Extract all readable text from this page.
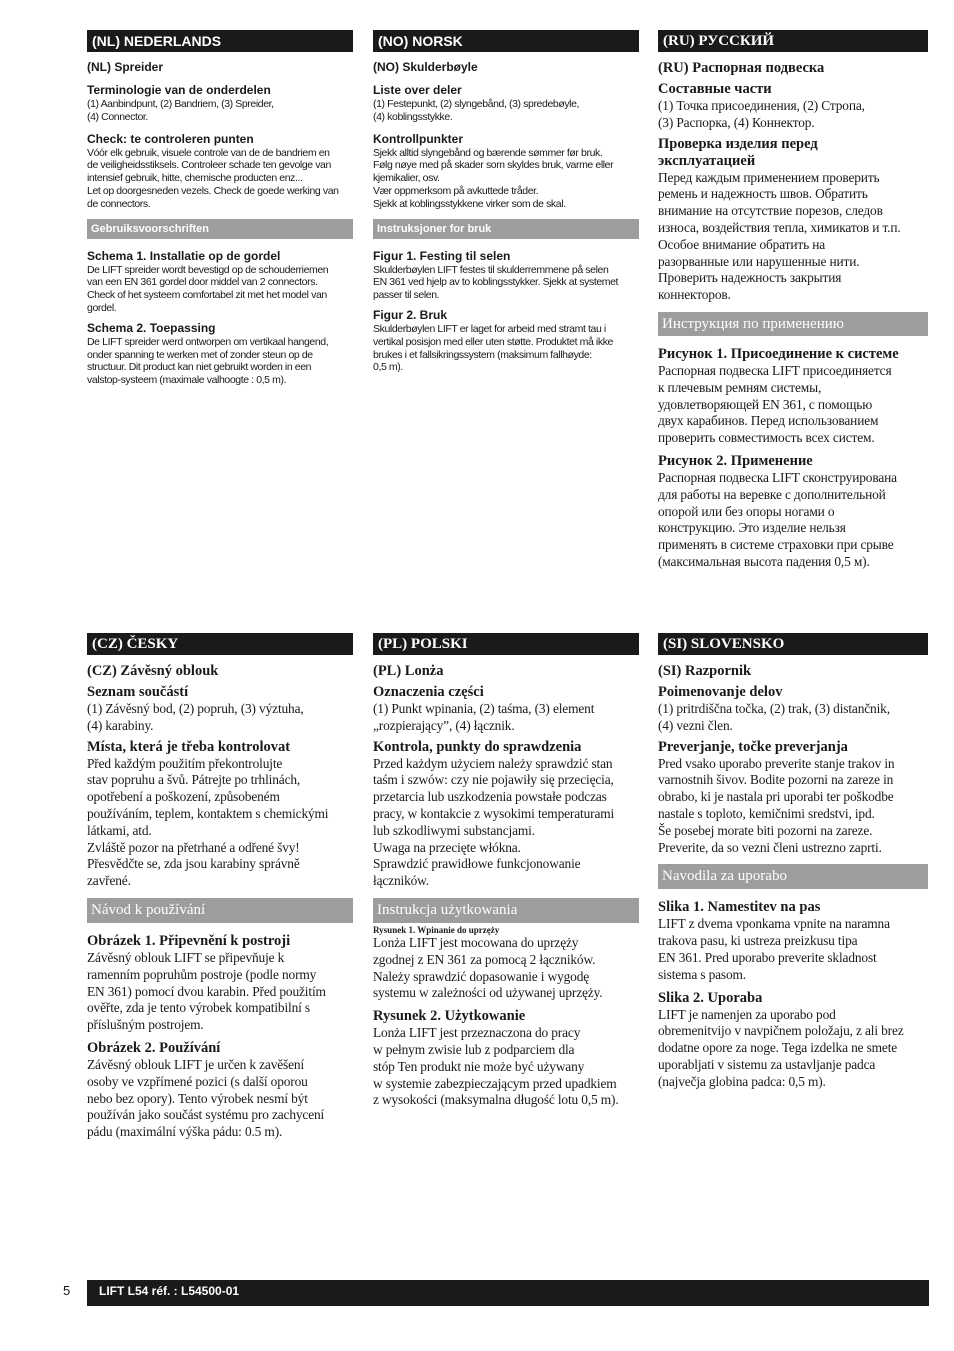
(NL) NEDERLANDS
(NL) Spreider
Terminologie van de onderdelen

(1) Aanbindpunt, (2) Bandriem, (3) Spreider,

(4) Connector.

Check: te controleren punten

Vóór elk gebruik, visuele controle van de de bandriem en

de veiligheidsstiksels. Controleer schade ten gevolge van

intensief gebruik, hitte, chemische producten enz...

Let op doorgesneden vezels. Check de goede werking van

de connectors.

Gebruiksvoorschriften
Schema 1. Installatie op de gordel

De LIFT spreider wordt bevestigd op de schouderriemen

van een EN 361 gordel door middel van 2 connectors.

Check of het systeem comfortabel zit met het model van

gordel.

Schema 2. Toepassing

De LIFT spreider werd ontworpen om vertikaal hangend,

onder spanning te werken met of zonder steun op de

structuur. Dit product kan niet gebruikt worden in een

valstop-systeem (maximale valhoogte : 0,5 m).

(NO) NORSK
(NO) Skulderbøyle
Liste over deler

(1) Festepunkt, (2) slyngebånd, (3) spredebøyle,

(4) koblingsstykke.

Kontrollpunkter

Sjekk alltid slyngebånd og bærende sømmer før bruk.

Følg nøye med på skader som skyldes bruk, varme eller

kjemikalier, osv.

Vær oppmerksom på avkuttede tråder.

Sjekk at koblingsstykkene virker som de skal.

Instruksjoner for bruk
Figur 1. Festing til selen

Skulderbøylen LIFT festes til skulderremmene på selen

EN 361 ved hjelp av to koblingsstykker. Sjekk at systemet

passer til selen.

Figur 2. Bruk

Skulderbøylen LIFT er laget for arbeid med stramt tau i

vertikal posisjon med eller uten støtte. Produktet må ikke

brukes i et fallsikringssystem (maksimum fallhøyde:

0,5 m).

(RU) РУССКИЙ
(RU) Распорная подвеска
Составные части

(1) Точка присоединения, (2) Стропа,

(3) Распорка, (4) Коннектор.

Проверка изделия перед
эксплуатацией

Перед каждым применением проверить

ремень и надежность швов. Обратить

внимание на отсутствие порезов, следов

износа, воздействия тепла, химикатов и т.п.

Особое внимание обратить на

разорванные или нарушенные нити.

Проверить надежность закрытия

коннекторов.

Инструкция по применению
Рисунок 1. Присоединение к системе

Распорная подвеска LIFT присоединяется

к плечевым ремням системы,

удовлетворяющей EN 361, с помощью

двух карабинов. Перед использованием

проверить совместимость всех систем.

Рисунок 2. Применение

Распорная подвеска LIFT сконструирована

для работы на веревке с дополнительной

опорой или без опоры ногами о

конструкцию. Это изделие нельзя

применять в системе страховки при срыве

(максимальная высота падения 0,5 м).

(CZ) ČESKY
(CZ) Závěsný oblouk
Seznam součástí

(1) Závěsný bod, (2) popruh, (3) výztuha,

(4) karabiny.

Místa, která je třeba kontrolovat

Před každým použitím překontrolujte

stav popruhu a švů. Pátrejte po trhlinách,

opotřebení a poškození, způsobeném

používáním, teplem, kontaktem s chemickými

látkami, atd.

Zvláště pozor na přetrhané a odřené švy!

Přesvědčte se, zda jsou karabiny správně

zavřené.

Návod k používání
Obrázek 1. Připevnění k postroji

Závěsný oblouk LIFT se připevňuje k

ramenním popruhům postroje (podle normy

EN 361) pomocí dvou karabin. Před použitím

ověřte, zda je tento výrobek kompatibilní s

příslušným postrojem.

Obrázek 2. Používání

Závěsný oblouk LIFT je určen k zavěšení

osoby ve vzpřímené pozici (s další oporou

nebo bez opory). Tento výrobek nesmí být

používán jako součást systému pro zachycení

pádu (maximální výška pádu: 0.5 m).

(PL) POLSKI
(PL) Lonża
Oznaczenia części

(1) Punkt wpinania, (2) taśma, (3) element

„rozpierający”, (4) łącznik.

Kontrola, punkty do sprawdzenia

Przed każdym użyciem należy sprawdzić stan

taśm i szwów: czy nie pojawiły się przecięcia,

przetarcia lub uszkodzenia powstałe podczas

pracy, w kontakcie z wysokimi temperaturami

lub szkodliwymi substancjami.

Uwaga na przecięte włókna.

Sprawdzić prawidłowe funkcjonowanie

łączników.

Instrukcja użytkowania
Rysunek 1. Wpinanie do uprzęży

Lonża LIFT jest mocowana do uprzęży

zgodnej z EN 361 za pomocą 2 łączników.

Należy sprawdzić dopasowanie i wygodę

systemu w zależności od używanej uprzęży.

Rysunek 2. Użytkowanie

Lonża LIFT jest przeznaczona do pracy

w pełnym zwisie lub z podparciem dla

stóp Ten produkt nie może być używany

w systemie zabezpieczającym przed upadkiem

z wysokości (maksymalna długość lotu 0,5 m).

(SI) SLOVENSKO
(SI) Razpornik
Poimenovanje delov

(1) pritrdiščna točka, (2) trak, (3) distančnik,

(4) vezni člen.

Preverjanje, točke preverjanja

Pred vsako uporabo preverite stanje trakov in

varnostnih šivov. Bodite pozorni na zareze in

obrabo, ki je nastala pri uporabi ter poškodbe

nastale s toploto, kemičnimi sredstvi, ipd.

Še posebej morate biti pozorni na zareze.

Preverite, da so vezni členi ustrezno zaprti.

Navodila za uporabo
Slika 1. Namestitev na pas

LIFT z dvema vponkama vpnite na naramna

trakova pasu, ki ustreza preizkusu tipa

EN 361. Pred uporabo preverite skladnost

sistema s pasom.

Slika 2. Uporaba

LIFT je namenjen za uporabo pod

obremenitvijo v navpičnem položaju, z ali brez

dodatne opore za noge. Tega izdelka ne smete

uporabljati v sistemu za ustavljanje padca

(največja globina padca: 0,5 m).

5	LIFT L54 réf. : L54500-01
